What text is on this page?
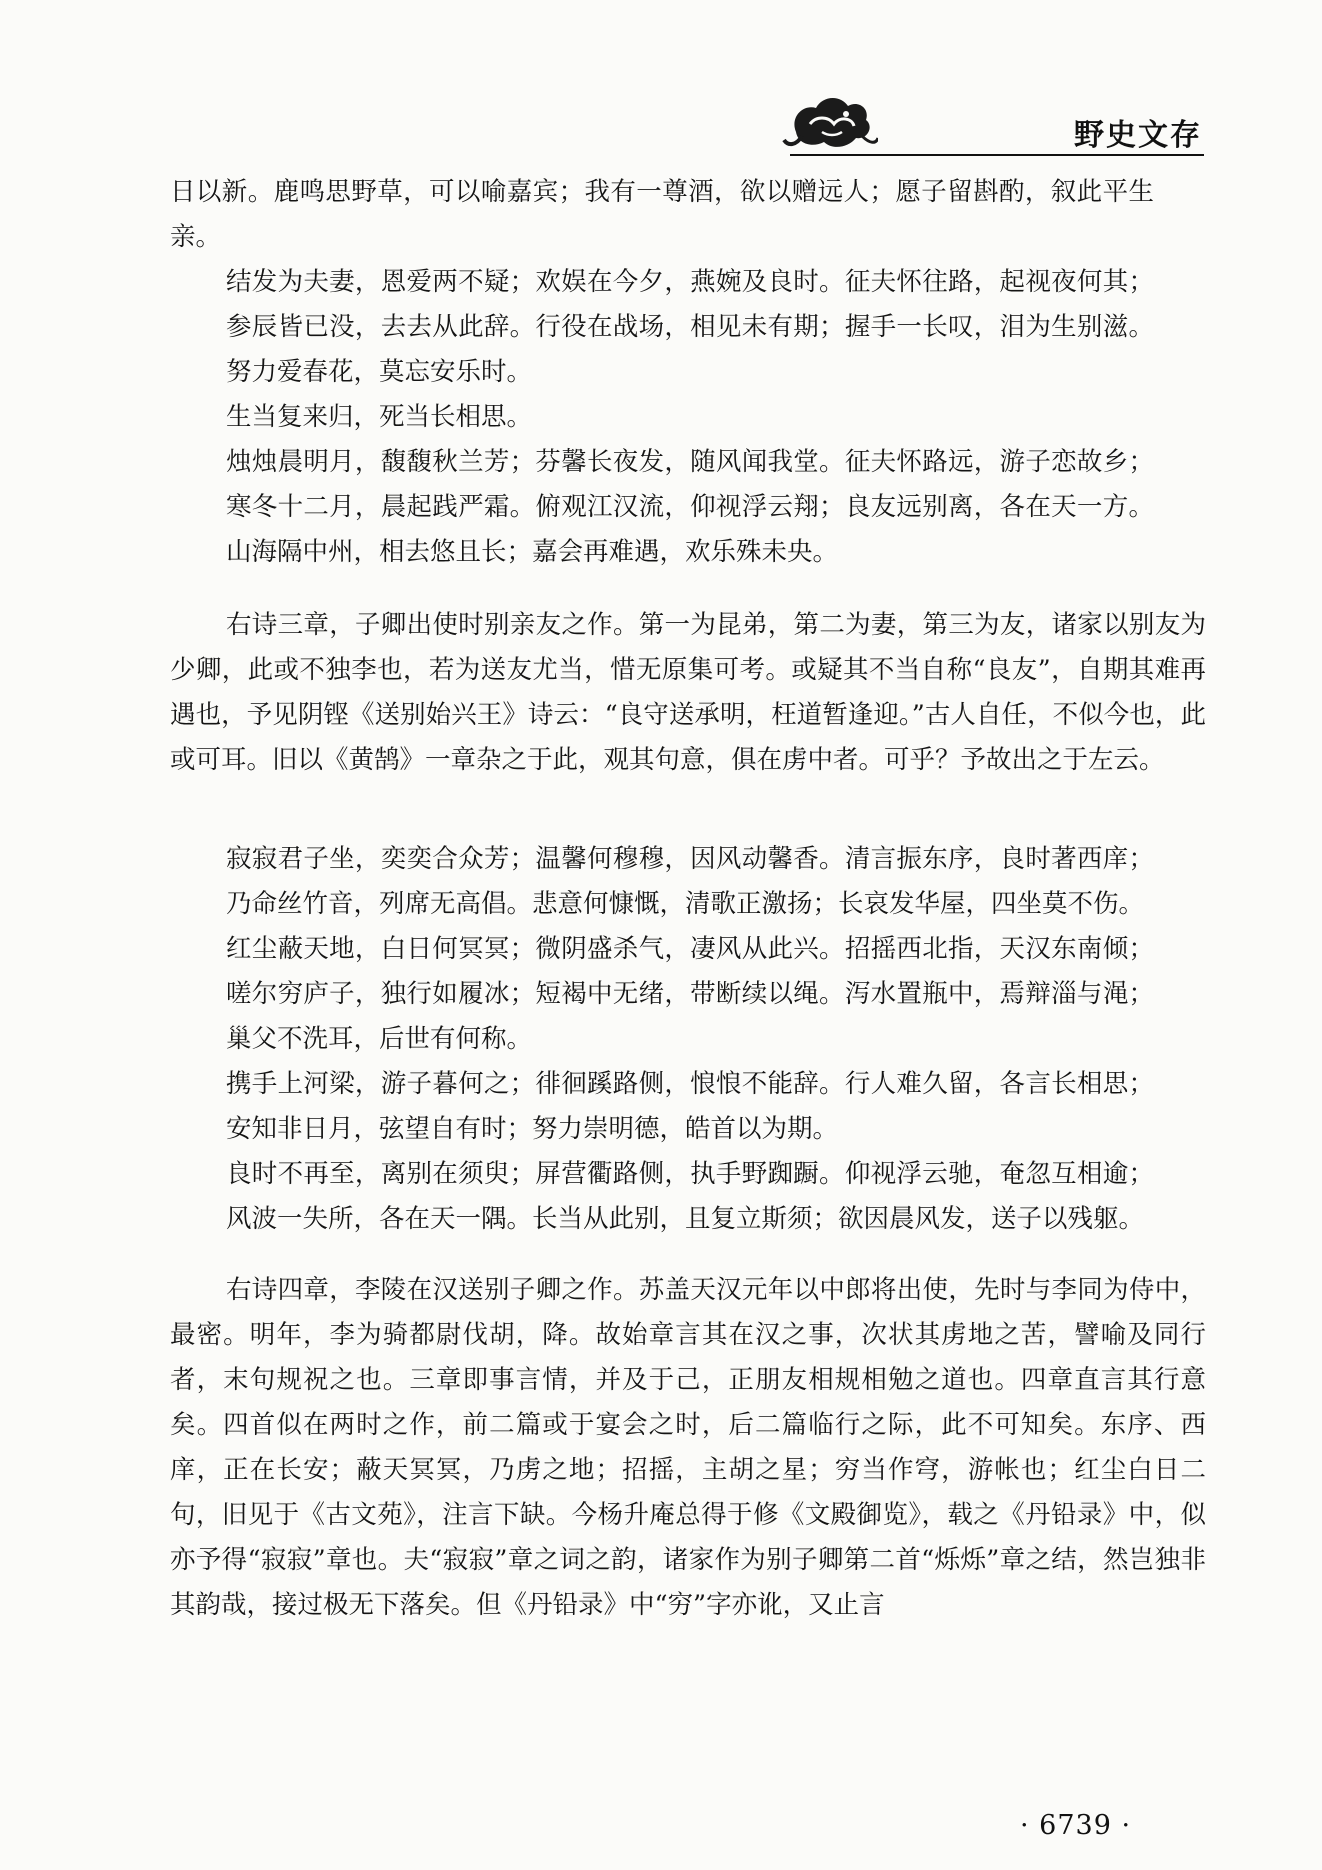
野史文存

日以新。鹿鸣思野草，可以喻嘉宾；我有一尊酒，欲以赠远人；愿子留斟酌，叙此平生亲。

结发为夫妻，恩爱两不疑；欢娱在今夕，燕婉及良时。征夫怀往路，起视夜何其；参辰皆已没，去去从此辞。行役在战场，相见未有期；握手一长叹，泪为生别滋。努力爱春花，莫忘安乐时。

生当复来归，死当长相思。

烛烛晨明月，馥馥秋兰芳；芬馨长夜发，随风闻我堂。征夫怀路远，游子恋故乡；寒冬十二月，晨起践严霜。俯观江汉流，仰视浮云翔；良友远别离，各在天一方。山海隔中州，相去悠且长；嘉会再难遇，欢乐殊未央。

右诗三章，子卿出使时别亲友之作。第一为昆弟，第二为妻，第三为友，诸家以别友为少卿，此或不独李也，若为送友尤当，惜无原集可考。或疑其不当自称“良友”，自期其难再遇也，予见阴铿《送别始兴王》诗云：“良守送承明，枉道暂逢迎。”古人自任，不似今也，此或可耳。旧以《黄鹄》一章杂之于此，观其句意，俱在虏中者。可乎？予故出之于左云。

寂寂君子坐，奕奕合众芳；温馨何穆穆，因风动馨香。清言振东序，良时著西庠；乃命丝竹音，列席无高倡。悲意何慷慨，清歌正激扬；长哀发华屋，四坐莫不伤。

红尘蔽天地，白日何冥冥；微阴盛杀气，凄风从此兴。招摇西北指，天汉东南倾；嗟尔穷庐子，独行如履冰；短褐中无绪，带断续以绳。泻水置瓶中，焉辩淄与渑；巢父不洗耳，后世有何称。

携手上河梁，游子暮何之；徘徊蹊路侧，悢悢不能辞。行人难久留，各言长相思；安知非日月，弦望自有时；努力崇明德，皓首以为期。

良时不再至，离别在须臾；屏营衢路侧，执手野踟蹰。仰视浮云驰，奄忽互相逾；风波一失所，各在天一隅。长当从此别，且复立斯须；欲因晨风发，送子以残躯。

右诗四章，李陵在汉送别子卿之作。苏盖天汉元年以中郎将出使，先时与李同为侍中，最密。明年，李为骑都尉伐胡，降。故始章言其在汉之事，次状其虏地之苦，譬喻及同行者，末句规祝之也。三章即事言情，并及于己，正朋友相规相勉之道也。四章直言其行意矣。四首似在两时之作，前二篇或于宴会之时，后二篇临行之际，此不可知矣。东序、西庠，正在长安；蔽天冥冥，乃虏之地；招摇，主胡之星；穷当作穹，游帐也；红尘白日二句，旧见于《古文苑》，注言下缺。今杨升庵总得于修《文殿御览》，载之《丹铅录》中，似亦予得“寂寂”章也。夫“寂寂”章之词之韵，诸家作为别子卿第二首“烁烁”章之结，然岂独非其韵哉，接过极无下落矣。但《丹铅录》中“穷”字亦讹，又止言

· 6739 ·
